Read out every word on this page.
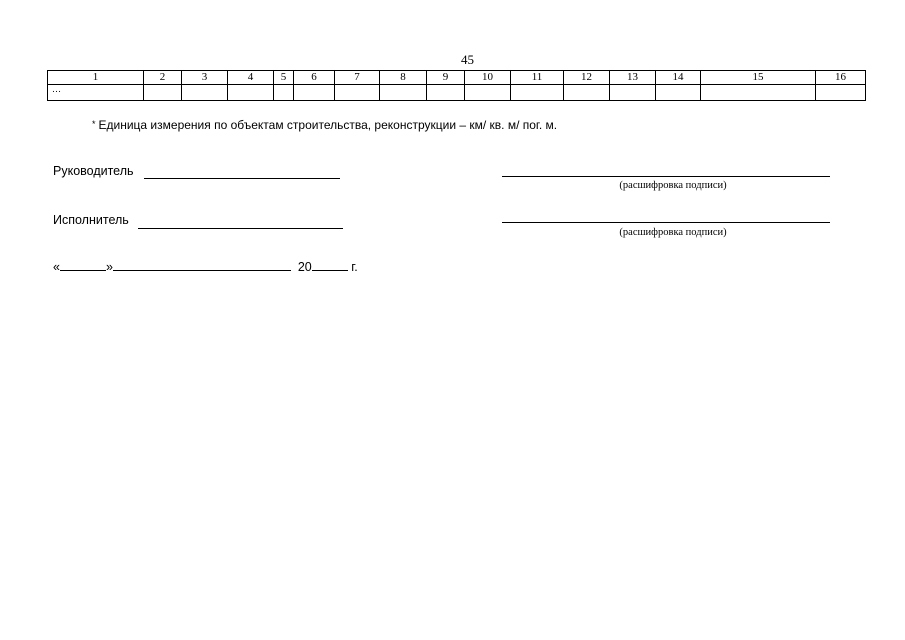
45
1	2	3	4	5	6	7	8	9	10	11	12	13	14	15	16
…															
* Единица измерения по объектам строительства, реконструкции – км/ кв. м/ пог. м.
Руководитель
(расшифровка подписи)
Исполнитель
(расшифровка подписи)
«	»	20	г.
